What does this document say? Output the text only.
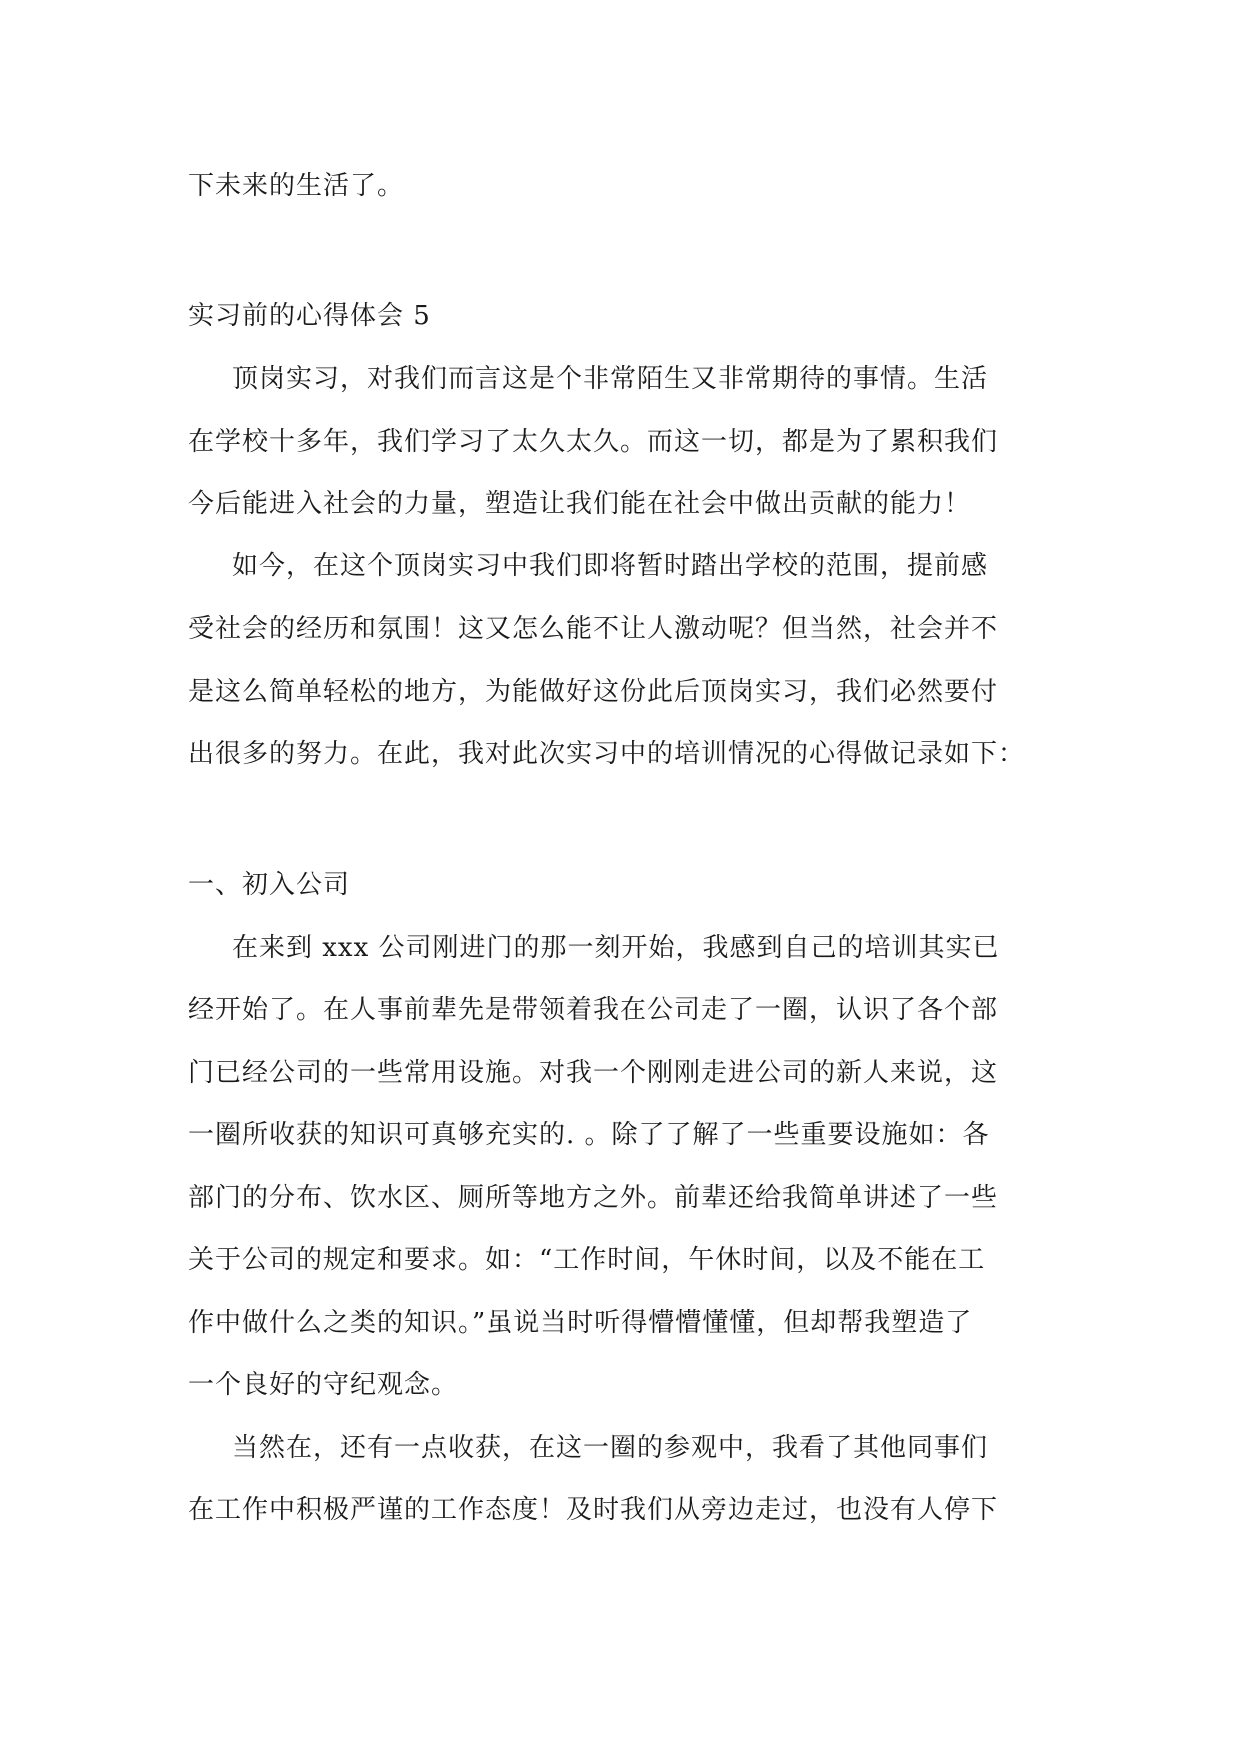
下未来的生活了。
实习前的心得体会 5
顶岗实习，对我们而言这是个非常陌生又非常期待的事情。生活
在学校十多年，我们学习了太久太久。而这一切，都是为了累积我们
今后能进入社会的力量，塑造让我们能在社会中做出贡献的能力！
如今，在这个顶岗实习中我们即将暂时踏出学校的范围，提前感
受社会的经历和氛围！这又怎么能不让人激动呢？但当然，社会并不
是这么简单轻松的地方，为能做好这份此后顶岗实习，我们必然要付
出很多的努力。在此，我对此次实习中的培训情况的心得做记录如下：
一、初入公司
在来到 xxx 公司刚进门的那一刻开始，我感到自己的培训其实已
经开始了。在人事前辈先是带领着我在公司走了一圈，认识了各个部
门已经公司的一些常用设施。对我一个刚刚走进公司的新人来说，这
一圈所收获的知识可真够充实的. 。除了了解了一些重要设施如：各
部门的分布、饮水区、厕所等地方之外。前辈还给我简单讲述了一些
关于公司的规定和要求。如：“工作时间，午休时间，以及不能在工
作中做什么之类的知识。”虽说当时听得懵懵懂懂，但却帮我塑造了
一个良好的守纪观念。
当然在，还有一点收获，在这一圈的参观中，我看了其他同事们
在工作中积极严谨的工作态度！及时我们从旁边走过，也没有人停下
